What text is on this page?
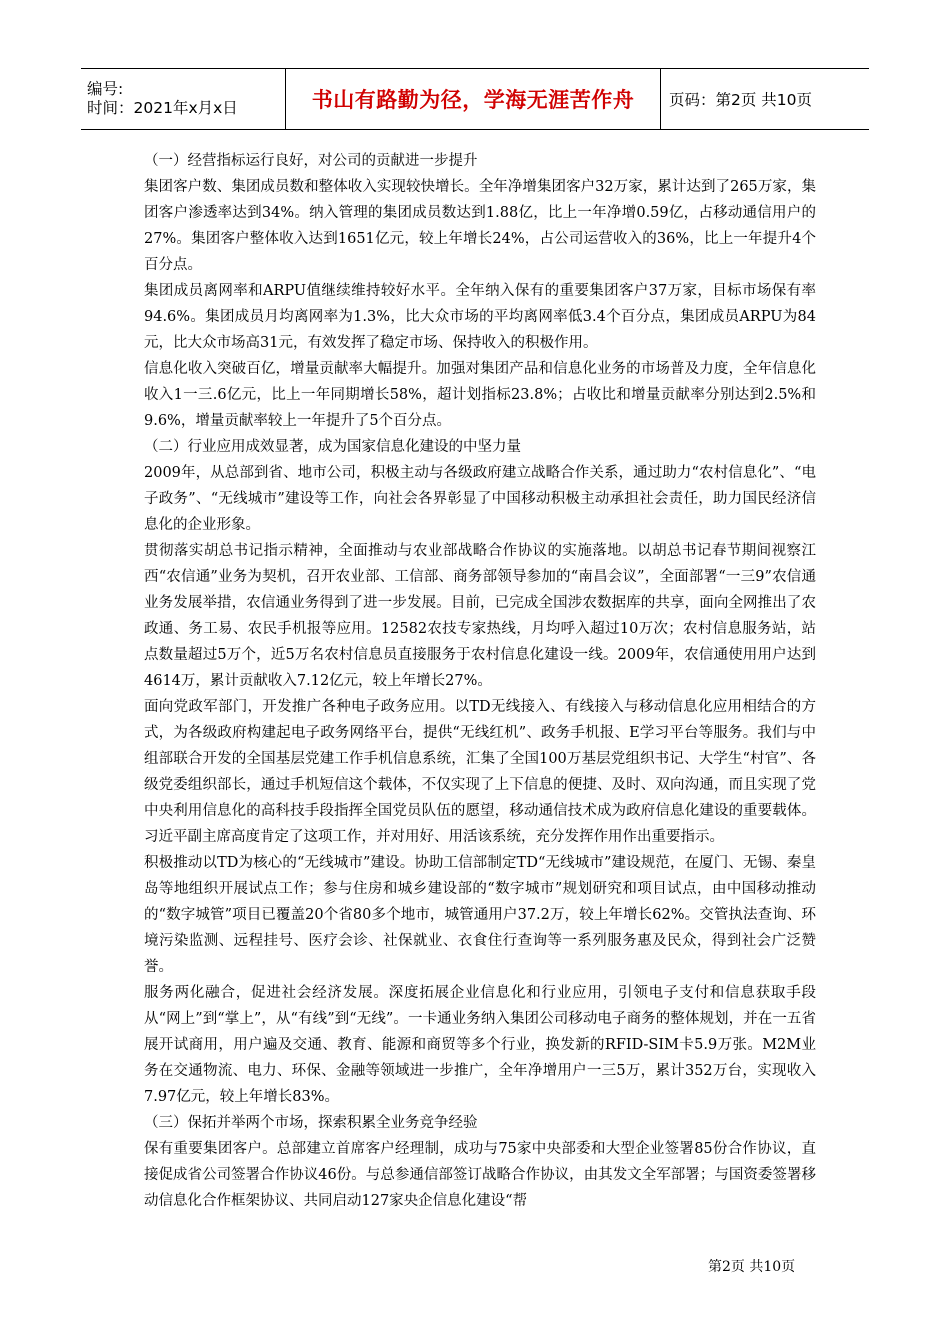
编号:
时间：2021年x月x日	书山有路勤为径，学海无涯苦作舟 页码：第2页 共10页

（一）经营指标运行良好，对公司的贡献进一步提升

集团客户数、集团成员数和整体收入实现较快增长。全年净增集团客户32万家，累计达到了265万家，集团客户渗透率达到34%。纳入管理的集团成员数达到1.88亿，比上一年净增0.59亿，占移动通信用户的27%。集团客户整体收入达到1651亿元，较上年增长24%，占公司运营收入的36%，比上一年提升4个百分点。

集团成员离网率和ARPU值继续维持较好水平。全年纳入保有的重要集团客户37万家，目标市场保有率94.6%。集团成员月均离网率为1.3%，比大众市场的平均离网率低3.4个百分点，集团成员ARPU为84元，比大众市场高31元，有效发挥了稳定市场、保持收入的积极作用。

信息化收入突破百亿，增量贡献率大幅提升。加强对集团产品和信息化业务的市场普及力度，全年信息化收入1一三.6亿元，比上一年同期增长58%，超计划指标23.8%；占收比和增量贡献率分别达到2.5%和9.6%，增量贡献率较上一年提升了5个百分点。

（二）行业应用成效显著，成为国家信息化建设的中坚力量

2009年，从总部到省、地市公司，积极主动与各级政府建立战略合作关系，通过助力“农村信息化”、“电子政务”、“无线城市”建设等工作，向社会各界彰显了中国移动积极主动承担社会责任，助力国民经济信息化的企业形象。

贯彻落实胡总书记指示精神，全面推动与农业部战略合作协议的实施落地。以胡总书记春节期间视察江西“农信通”业务为契机，召开农业部、工信部、商务部领导参加的“南昌会议”，全面部署“一三9”农信通业务发展举措，农信通业务得到了进一步发展。目前，已完成全国涉农数据库的共享，面向全网推出了农政通、务工易、农民手机报等应用。12582农技专家热线，月均呼入超过10万次；农村信息服务站，站点数量超过5万个，近5万名农村信息员直接服务于农村信息化建设一线。2009年，农信通使用用户达到4614万，累计贡献收入7.12亿元，较上年增长27%。

面向党政军部门，开发推广各种电子政务应用。以TD无线接入、有线接入与移动信息化应用相结合的方式，为各级政府构建起电子政务网络平台，提供“无线红机”、政务手机报、E学习平台等服务。我们与中组部联合开发的全国基层党建工作手机信息系统，汇集了全国100万基层党组织书记、大学生“村官”、各级党委组织部长，通过手机短信这个载体，不仅实现了上下信息的便捷、及时、双向沟通，而且实现了党中央利用信息化的高科技手段指挥全国党员队伍的愿望，移动通信技术成为政府信息化建设的重要载体。习近平副主席高度肯定了这项工作，并对用好、用活该系统，充分发挥作用作出重要指示。

积极推动以TD为核心的“无线城市”建设。协助工信部制定TD“无线城市”建设规范，在厦门、无锡、秦皇岛等地组织开展试点工作；参与住房和城乡建设部的“数字城市”规划研究和项目试点，由中国移动推动的“数字城管”项目已覆盖20个省80多个地市，城管通用户37.2万，较上年增长62%。交管执法查询、环境污染监测、远程挂号、医疗会诊、社保就业、衣食住行查询等一系列服务惠及民众，得到社会广泛赞誉。

服务两化融合，促进社会经济发展。深度拓展企业信息化和行业应用，引领电子支付和信息获取手段从“网上”到“掌上”，从“有线”到“无线”。一卡通业务纳入集团公司移动电子商务的整体规划，并在一五省展开试商用，用户遍及交通、教育、能源和商贸等多个行业，换发新的RFID-SIM卡5.9万张。M2M业务在交通物流、电力、环保、金融等领域进一步推广，全年净增用户一三5万，累计352万台，实现收入7.97亿元，较上年增长83%。

（三）保拓并举两个市场，探索积累全业务竞争经验

保有重要集团客户。总部建立首席客户经理制，成功与75家中央部委和大型企业签署85份合作协议，直接促成省公司签署合作协议46份。与总参通信部签订战略合作协议，由其发文全军部署；与国资委签署移动信息化合作框架协议、共同启动127家央企信息化建设“帮

第2页 共10页
